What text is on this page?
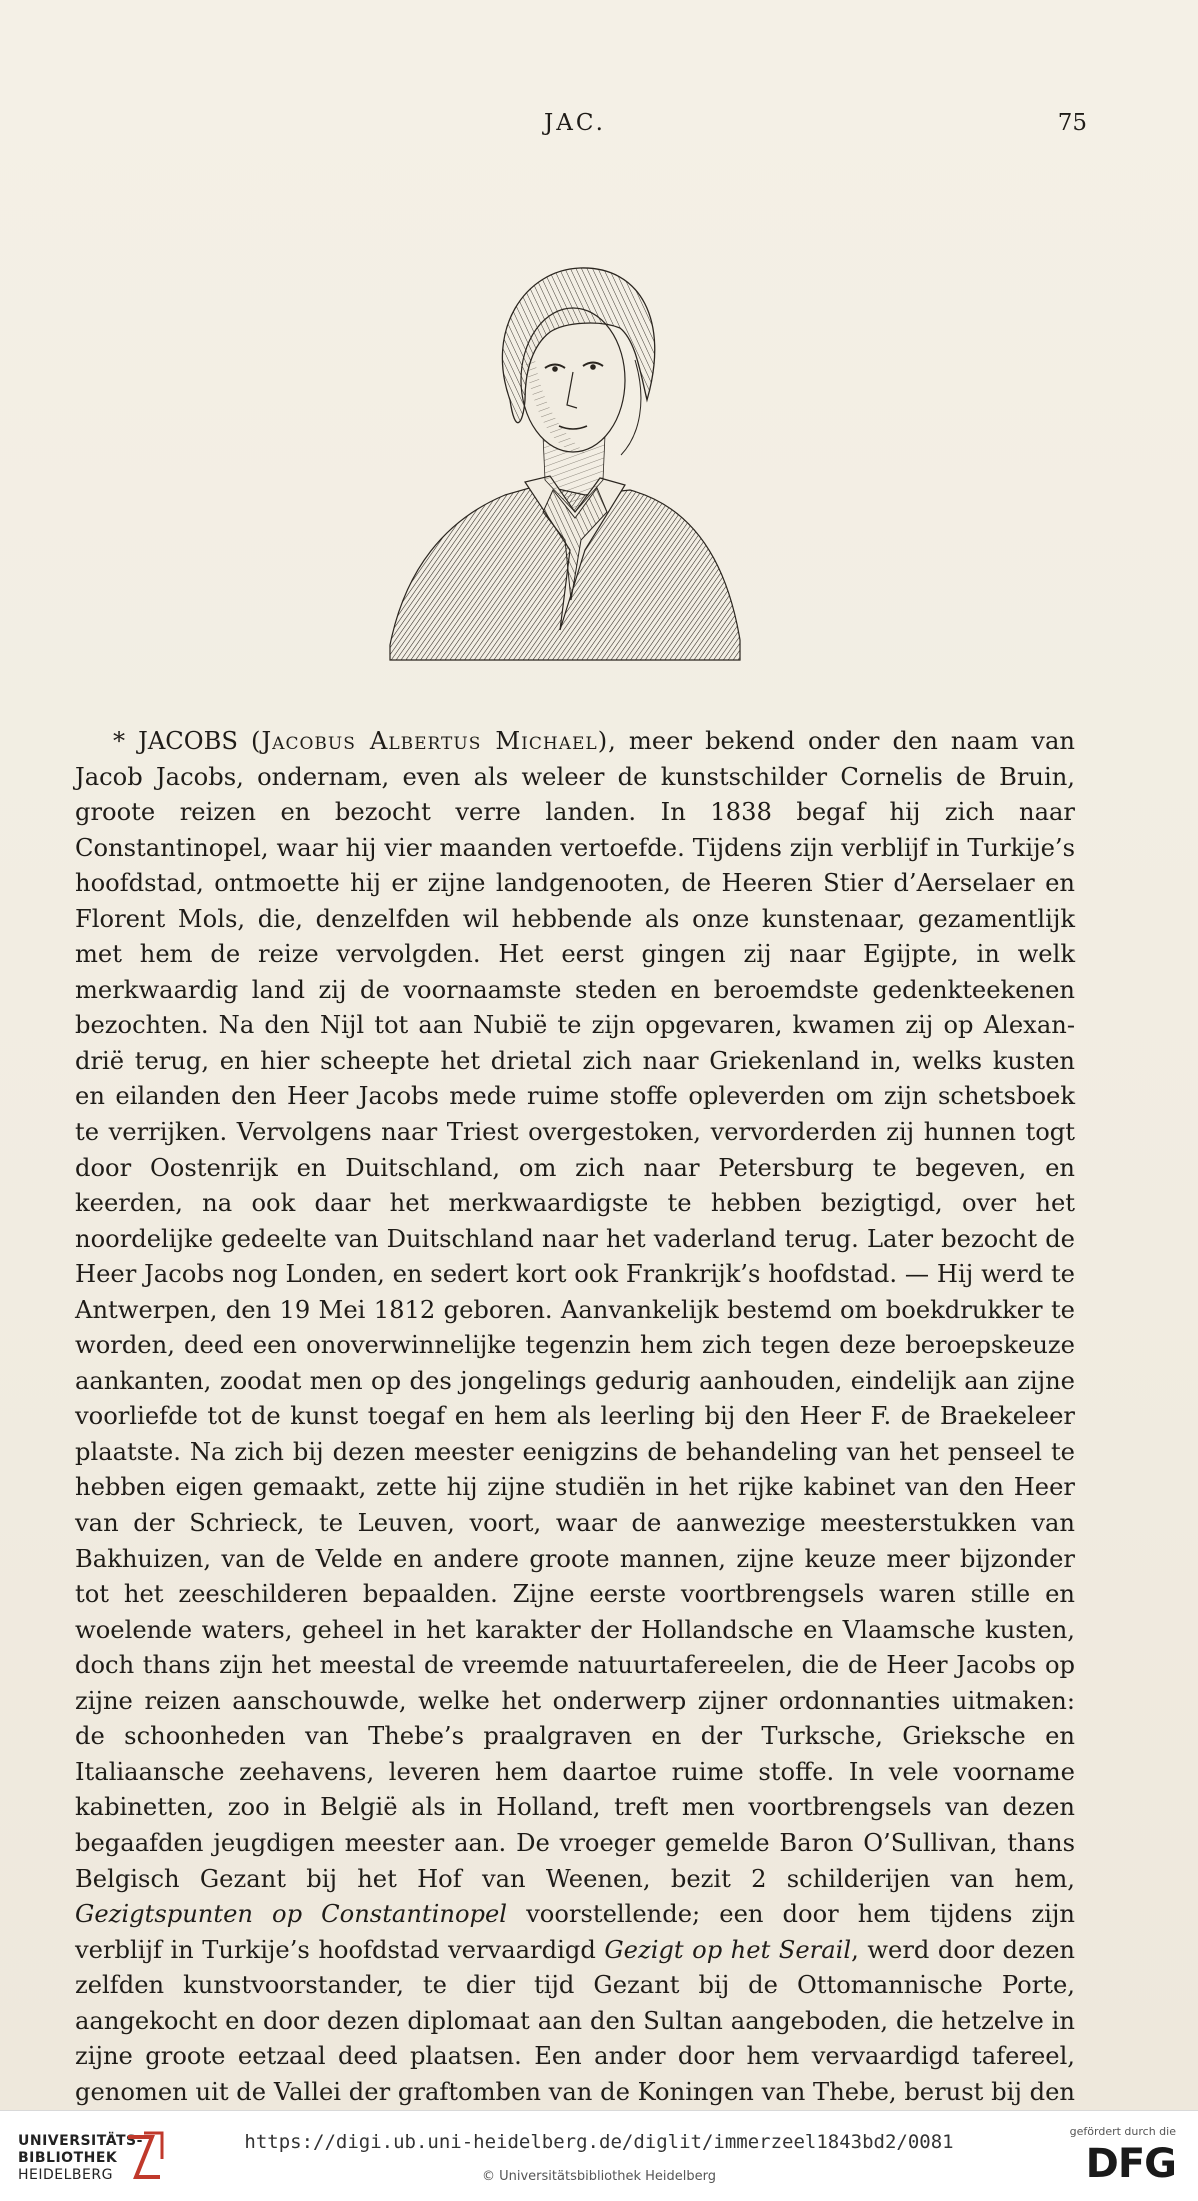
JAC.	75

* JACOBS (Jacobus Albertus Michael), meer bekend onder den naam van Jacob Jacobs, ondernam, even als weleer de kunstschilder Cornelis de Bruin, groote reizen en bezocht verre landen. In 1838 begaf hij zich naar Constantinopel, waar hij vier maanden vertoefde. Tijdens zijn verblijf in Turkije’s hoofdstad, ontmoette hij er zijne landgenooten, de Heeren Stier d’Aerselaer en Florent Mols, die, denzelfden wil hebbende als onze kunstenaar, gezamentlijk met hem de reize vervolgden. Het eerst gingen zij naar Egijpte, in welk merkwaardig land zij de voornaamste steden en beroemdste gedenkteekenen bezochten. Na den Nijl tot aan Nubië te zijn opgevaren, kwamen zij op Alexandrië terug, en hier scheepte het drietal zich naar Griekenland in, welks kusten en eilanden den Heer Jacobs mede ruime stoffe opleverden om zijn schetsboek te verrijken. Vervolgens naar Triest overgestoken, vervorderden zij hunnen togt door Oostenrijk en Duitschland, om zich naar Petersburg te begeven, en keerden, na ook daar het merkwaardigste te hebben bezigtigd, over het noordelijke gedeelte van Duitschland naar het vaderland terug. Later bezocht de Heer Jacobs nog Londen, en sedert kort ook Frankrijk’s hoofdstad. — Hij werd te Antwerpen, den 19 Mei 1812 geboren. Aanvankelijk bestemd om boekdrukker te worden, deed een onoverwinnelijke tegenzin hem zich tegen deze beroepskeuze aankanten, zoodat men op des jongelings gedurig aanhouden, eindelijk aan zijne voorliefde tot de kunst toegaf en hem als leerling bij den Heer F. de Braekeleer plaatste. Na zich bij dezen meester eenigzins de behandeling van het penseel te hebben eigen gemaakt, zette hij zijne studiën in het rijke kabinet van den Heer van der Schrieck, te Leuven, voort, waar de aanwezige meesterstukken van Bakhuizen, van de Velde en andere groote mannen, zijne keuze meer bijzonder tot het zeeschilderen bepaalden. Zijne eerste voortbrengsels waren stille en woelende waters, geheel in het karakter der Hollandsche en Vlaamsche kusten, doch thans zijn het meestal de vreemde natuurtafereelen, die de Heer Jacobs op zijne reizen aanschouwde, welke het onderwerp zijner ordonnanties uitmaken: de schoonheden van Thebe’s praalgraven en der Turksche, Grieksche en Italiaansche zeehavens, leveren hem daartoe ruime stoffe. In vele voorname kabinetten, zoo in België als in Holland, treft men voortbrengsels van dezen begaafden jeugdigen meester aan. De vroeger gemelde Baron O’Sullivan, thans Belgisch Gezant bij het Hof van Weenen, bezit 2 schilderijen van hem, Gezigtspunten op Constantinopel voorstellende; een door hem tijdens zijn verblijf in Turkije’s hoofdstad vervaardigd Gezigt op het Serail, werd door dezen zelfden kunstvoorstander, te dier tijd Gezant bij de Ottomannische Porte, aangekocht en door dezen diplomaat aan den Sultan aangeboden, die hetzelve in zijne groote eetzaal deed plaatsen. Een ander door hem vervaardigd tafereel, genomen uit de Vallei der graftomben van de Koningen van Thebe, berust bij den

UNIVERSITÄTS-
BIBLIOTHEK
HEIDELBERG
https://digi.ub.uni-heidelberg.de/diglit/immerzeel1843bd2/0081
© Universitätsbibliothek Heidelberg
gefördert durch die
DFG
